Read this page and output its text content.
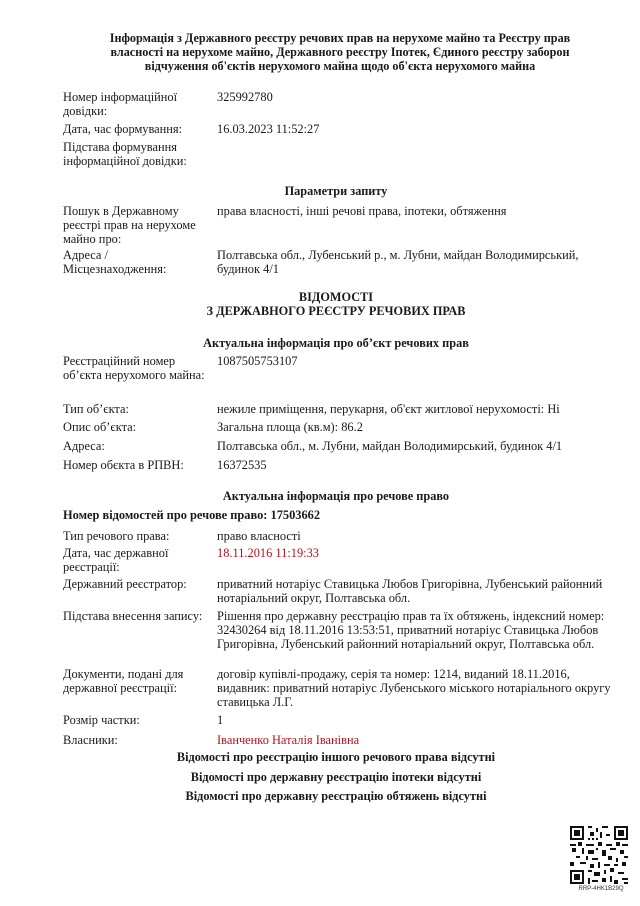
Інформація з Державного реєстру речових прав на нерухоме майно та Реєстру прав
власності на нерухоме майно, Державного реєстру Іпотек, Єдиного реєстру заборон
відчуження об'єктів нерухомого майна щодо об'єкта нерухомого майна
Номер інформаційної довідки:
325992780
Дата, час формування:	16.03.2023 11:52:27
Підстава формування інформаційної довідки:
Параметри запиту
Пошук в Державному реєстрі прав на нерухоме майно про:
права власності, інші речові права, іпотеки, обтяження
Адреса / Місцезнаходження:
Полтавська обл., Лубенський р., м. Лубни, майдан Володимирський, будинок 4/1
ВІДОМОСТІ
З ДЕРЖАВНОГО РЕЄСТРУ РЕЧОВИХ ПРАВ
Актуальна інформація про об’єкт речових прав
Реєстраційний номер об’єкта нерухомого майна:
1087505753107
Тип об’єкта:	нежиле приміщення, перукарня, об'єкт житлової нерухомості: Ні
Опис об’єкта:	Загальна площа (кв.м): 86.2
Адреса:	Полтавська обл., м. Лубни, майдан Володимирський, будинок 4/1
Номер обєкта в РПВН:	16372535
Актуальна інформація про речове право
Номер відомостей про речове право: 17503662
Тип речового права:	право власності
Дата, час державної реєстрації:
18.11.2016 11:19:33
Державний реєстратор:	приватний нотаріус Ставицька Любов Григорівна, Лубенський районний нотаріальний округ, Полтавська обл.
Підстава внесення запису:	Рішення про державну реєстрацію прав та їх обтяжень, індексний номер: 32430264 від 18.11.2016 13:53:51, приватний нотаріус Ставицька Любов Григорівна, Лубенський районний нотаріальний округ, Полтавська обл.
Документи, подані для державної реєстрації:
договір купівлі-продажу, серія та номер: 1214, виданий 18.11.2016, видавник: приватний нотаріус Лубенського міського нотаріального округу ставицька Л.Г.
Розмір частки:	1
Власники:	Іванченко Наталія Іванівна
Відомості про реєстрацію іншого речового права відсутні
Відомості про державну реєстрацію іпотеки відсутні
Відомості про державну реєстрацію обтяжень відсутні
RRP-4HK1B29Q
